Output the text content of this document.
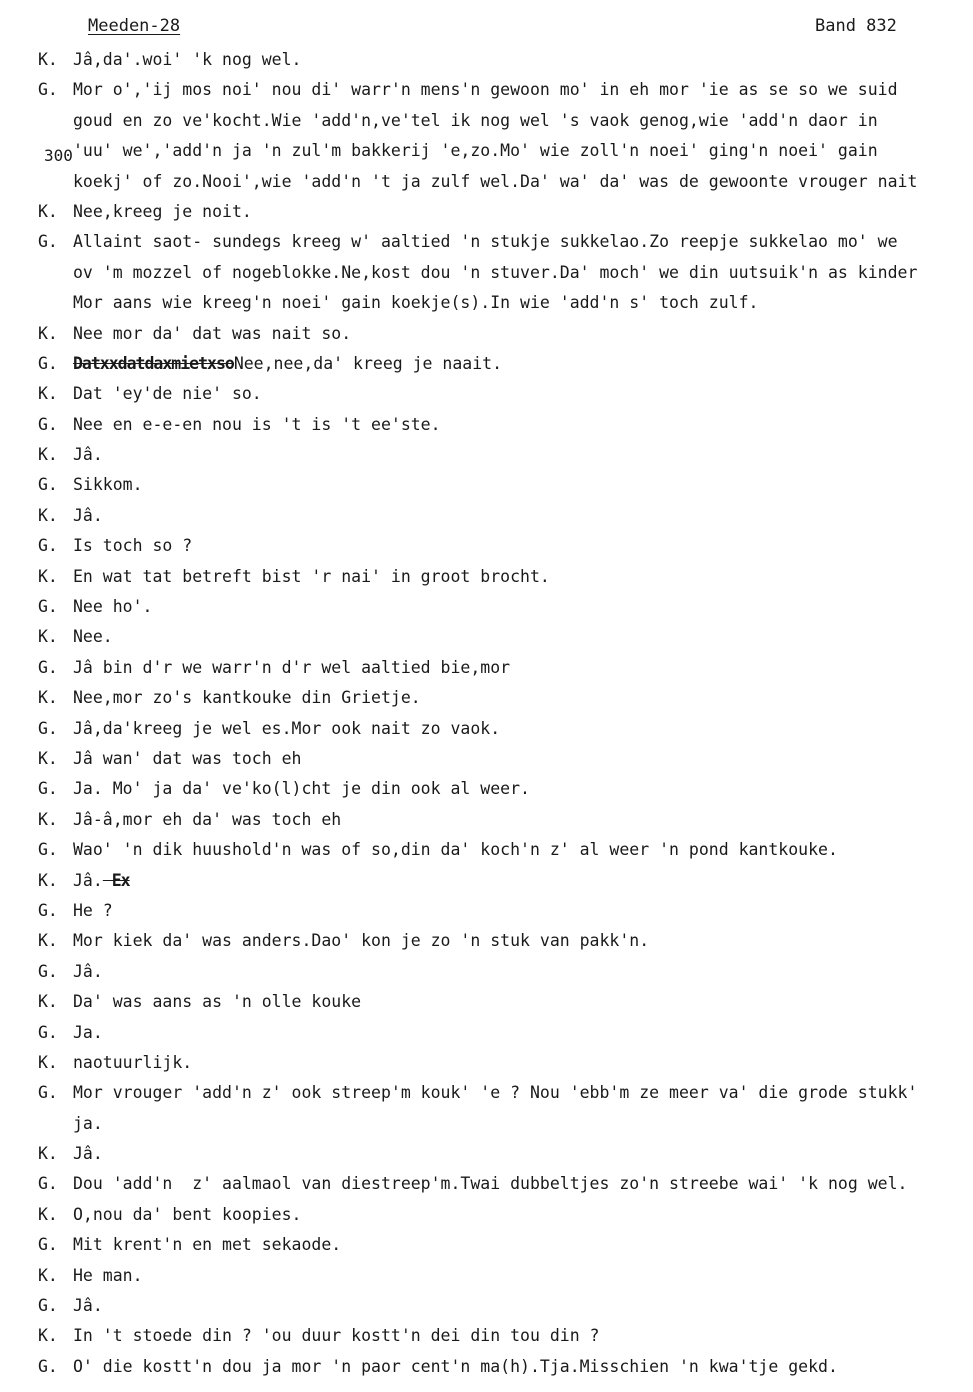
Meeden-28	Band 832
300
K. Jâ,da'.woi' 'k nog wel.
G. Mor o','ij mos noi' nou di' warr'n mens'n gewoon mo' in eh mor 'ie as se so we suid
goud en zo ve'kocht.Wie 'add'n,ve'tel ik nog wel 's vaok genog,wie 'add'n daor in
'uu' we','add'n ja 'n zul'm bakkerij 'e,zo.Mo' wie zoll'n noei' ging'n noei' gain
koekj' of zo.Nooi',wie 'add'n 't ja zulf wel.Da' wa' da' was de gewoonte vrouger nait
K. Nee,kreeg je noit.
G. Allaint saot- sundegs kreeg w' aaltied 'n stukje sukkelao.Zo reepje sukkelao mo' we
ov 'm mozzel of nogeblokke.Ne,kost dou 'n stuver.Da' moch' we din uutsuik'n as kinder
Mor aans wie kreeg'n noei' gain koekje(s).In wie 'add'n s' toch zulf.
K. Nee mor da' dat was nait so.
G. DatxxdatdaxmietxsoNee,nee,da' kreeg je naait.
K. Dat 'ey'de nie' so.
G. Nee en e-e-en nou is 't is 't ee'ste.
K. Jâ.
G. Sikkom.
K. Jâ.
G. Is toch so ?
K. En wat tat betreft bist 'r nai' in groot brocht.
G. Nee ho'.
K. Nee.
G. Jâ bin d'r we warr'n d'r wel aaltied bie,mor
K. Nee,mor zo's kantkouke din Grietje.
G. Jâ,da'kreeg je wel es.Mor ook nait zo vaok.
K. Jâ wan' dat was toch eh
G. Ja. Mo' ja da' ve'ko(l)cht je din ook al weer.
K. Jâ-â,mor eh da' was toch eh
G. Wao' 'n dik huushold'n was of so,din da' koch'n z' al weer 'n pond kantkouke.
K. Jâ. Ex
G. He ?
K. Mor kiek da' was anders.Dao' kon je zo 'n stuk van pakk'n.
G. Jâ.
K. Da' was aans as 'n olle kouke
G. Ja.
K. naotuurlijk.
G. Mor vrouger 'add'n z' ook streep'm kouk' 'e ? Nou 'ebb'm ze meer va' die grode stukk'
ja.
K. Jâ.
G. Dou 'add'n  z' aalmaol van diestreep'm.Twai dubbeltjes zo'n streebe wai' 'k nog wel.
K. O,nou da' bent koopies.
G. Mit krent'n en met sekaode.
K. He man.
G. Jâ.
K. In 't stoede din ? 'ou duur kostt'n dei din tou din ?
G. O' die kostt'n dou ja mor 'n paor cent'n ma(h).Tja.Misschien 'n kwa'tje gekd.
